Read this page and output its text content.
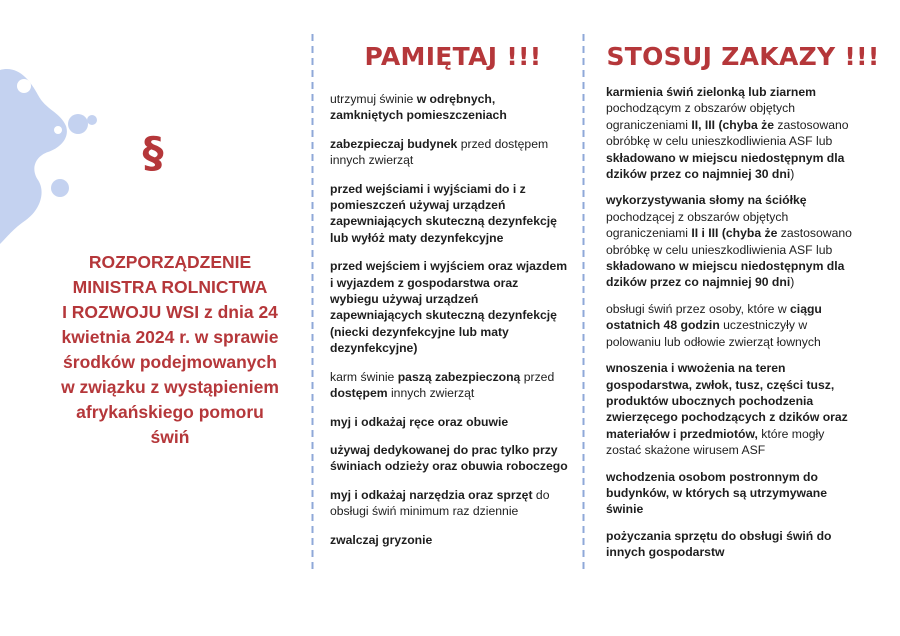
§
ROZPORZĄDZENIE
MINISTRA ROLNICTWA
I ROZWOJU WSI z dnia 24
kwietnia 2024 r. w sprawie
środków podejmowanych
w związku z wystąpieniem
afrykańskiego pomoru
świń
PAMIĘTAJ !!!	STOSUJ ZAKAZY !!!

utrzymuj świnie w odrębnych,
zamkniętych pomieszczeniach

zabezpieczaj budynek przed dostępem
innych zwierząt

przed wejściami i wyjściami do i z
pomieszczeń używaj urządzeń
zapewniających skuteczną dezynfekcję
lub wyłóż maty dezynfekcyjne

przed wejściem i wyjściem oraz wjazdem
i wyjazdem z gospodarstwa oraz
wybiegu używaj urządzeń
zapewniających skuteczną dezynfekcję
(niecki dezynfekcyjne lub maty
dezynfekcyjne)

karm świnie paszą zabezpieczoną przed
dostępem innych zwierząt

myj i odkażaj ręce oraz obuwie

używaj dedykowanej do prac tylko przy
świniach odzieży oraz obuwia roboczego

myj i odkażaj narzędzia oraz sprzęt do
obsługi świń minimum raz dziennie

zwalczaj gryzonie

karmienia świń zielonką lub ziarnem
pochodzącym z obszarów objętych
ograniczeniami II, III (chyba że zastosowano
obróbkę w celu unieszkodliwienia ASF lub
składowano w miejscu niedostępnym dla
dzików przez co najmniej 30 dni)

wykorzystywania słomy na ściółkę
pochodzącej z obszarów objętych
ograniczeniami II i III (chyba że zastosowano
obróbkę w celu unieszkodliwienia ASF lub
składowano w miejscu niedostępnym dla
dzików przez co najmniej 90 dni)

obsługi świń przez osoby, które w ciągu
ostatnich 48 godzin uczestniczyły w
polowaniu lub odłowie zwierząt łownych

wnoszenia i wwożenia na teren
gospodarstwa, zwłok, tusz, części tusz,
produktów ubocznych pochodzenia
zwierzęcego pochodzących z dzików oraz
materiałów i przedmiotów, które mogły
zostać skażone wirusem ASF

wchodzenia osobom postronnym do
budynków, w których są utrzymywane
świnie

pożyczania sprzętu do obsługi świń do
innych gospodarstw
